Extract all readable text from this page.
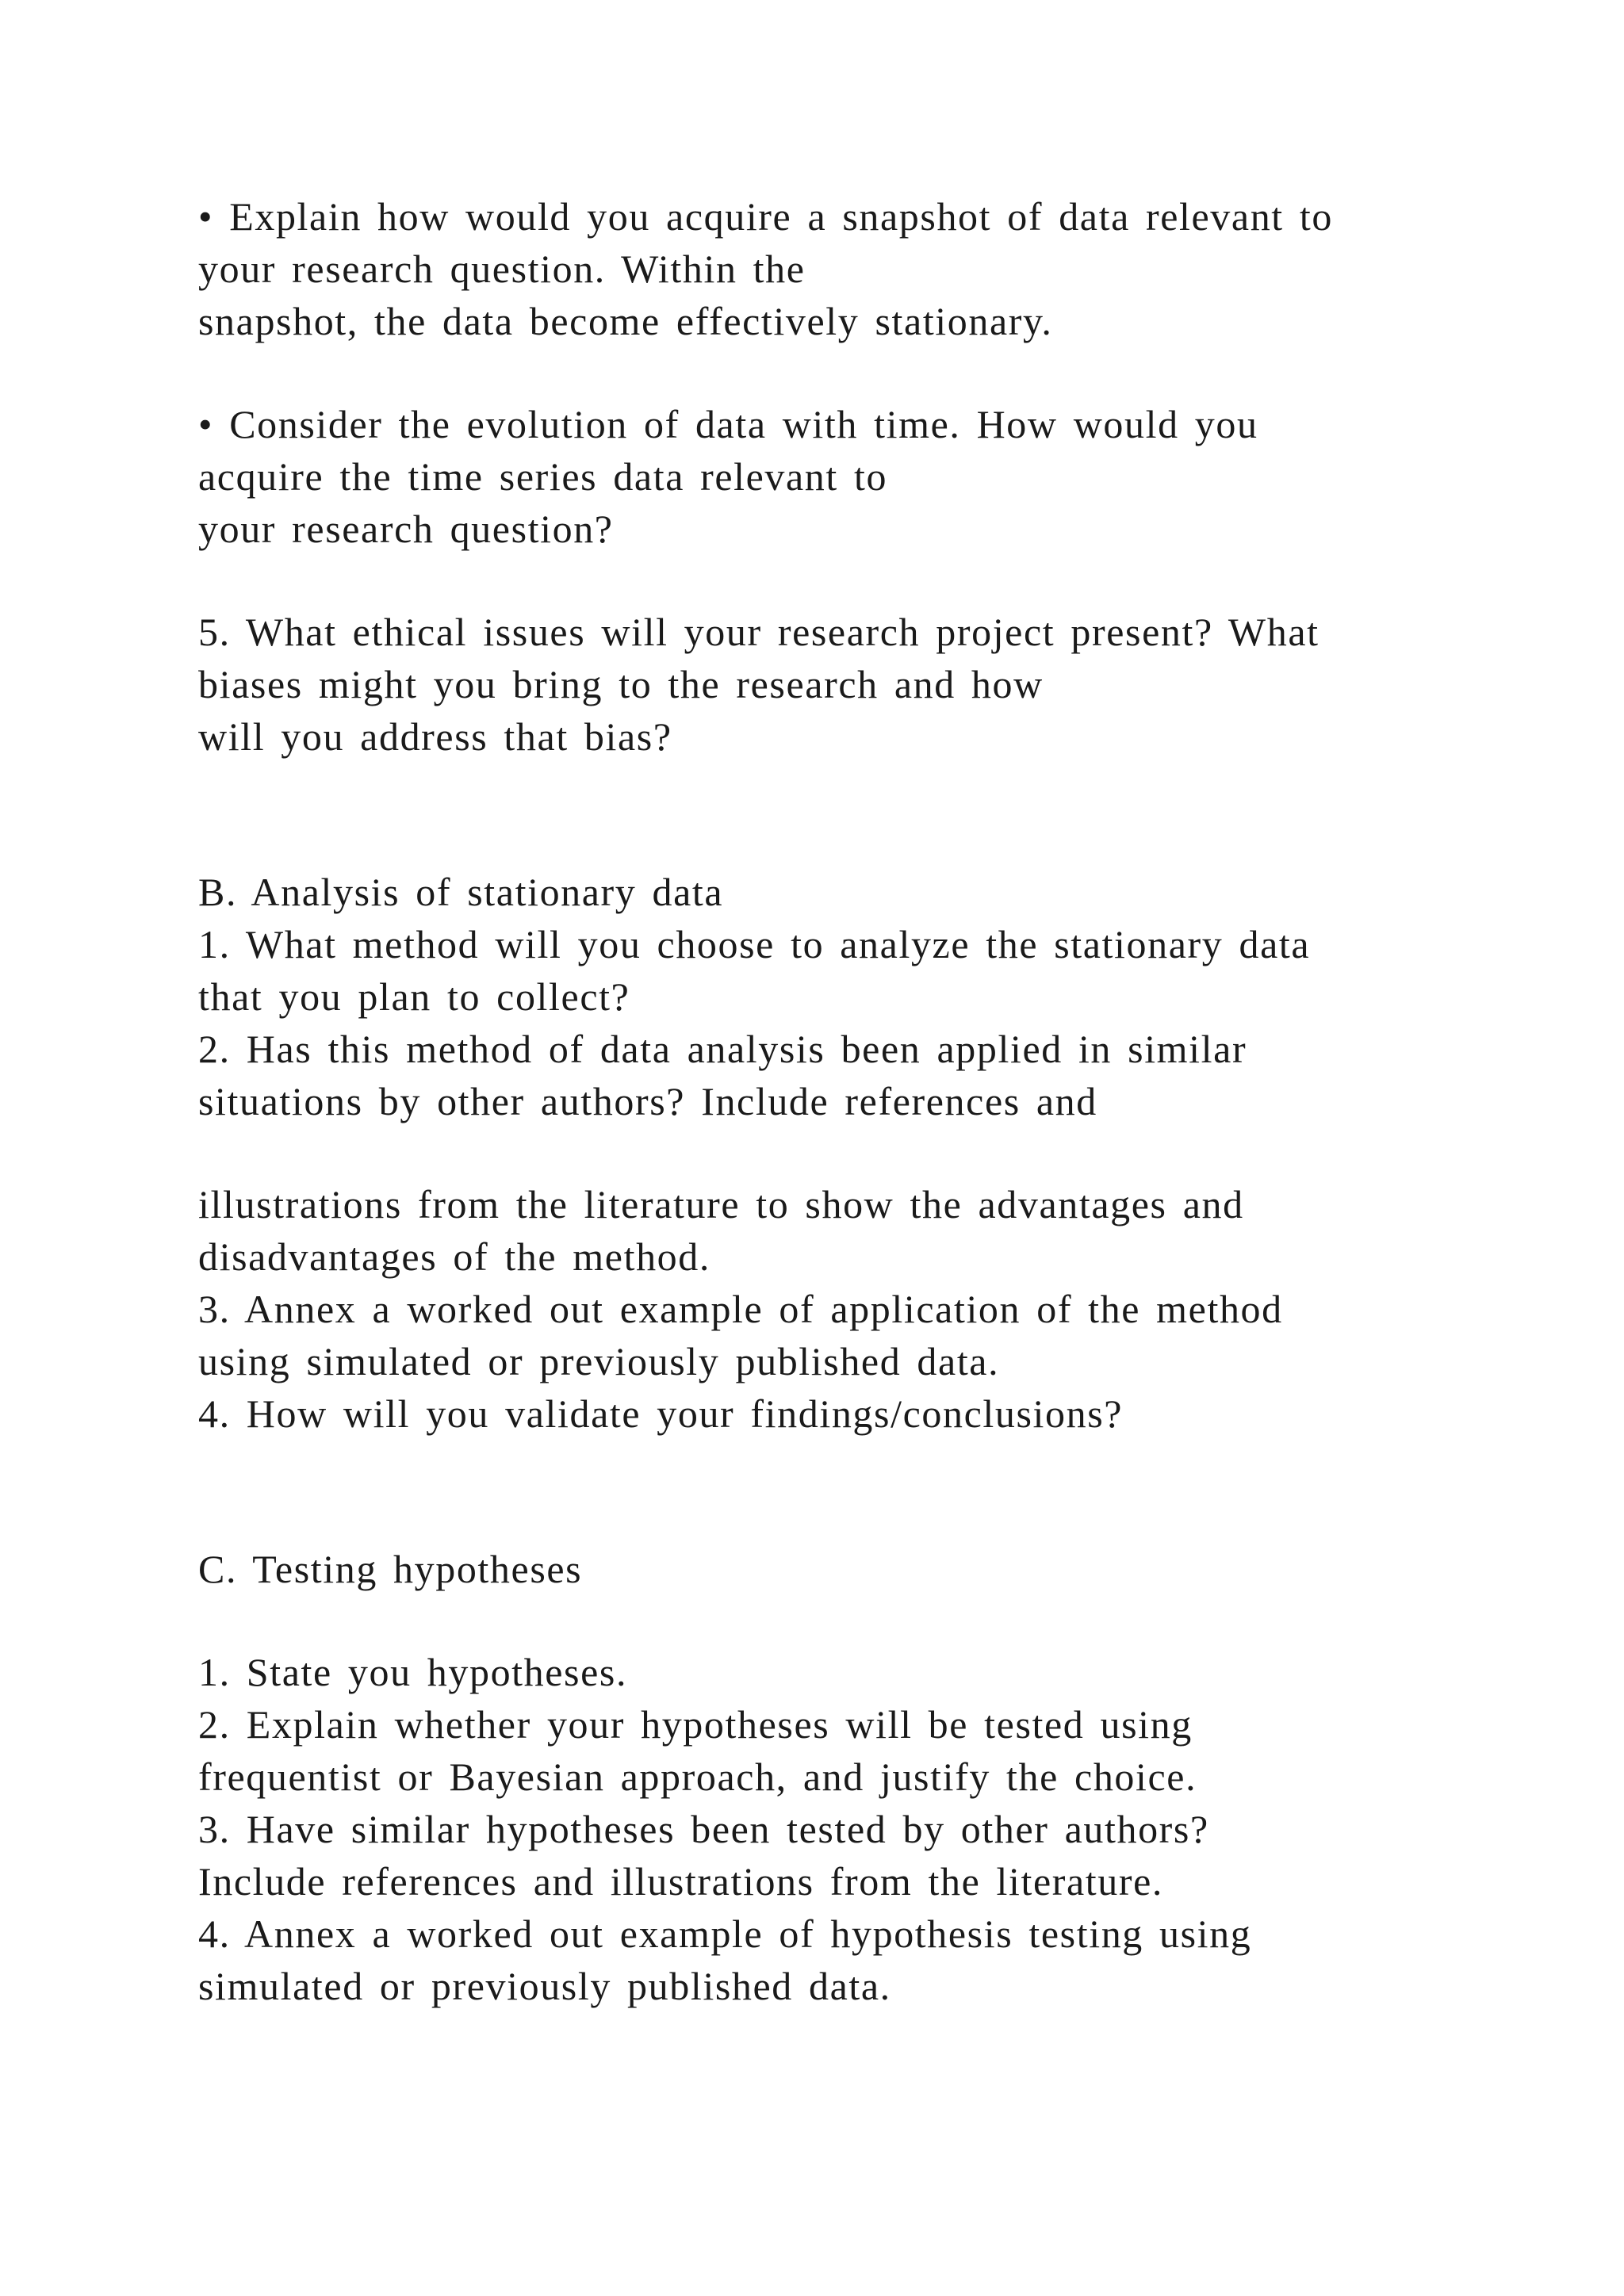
• Explain how would you acquire a snapshot of data relevant to
your research question. Within the
snapshot, the data become effectively stationary.
• Consider the evolution of data with time. How would you
acquire the time series data relevant to
your research question?
5. What ethical issues will your research project present? What
biases might you bring to the research and how
will you address that bias?
B. Analysis of stationary data
1. What method will you choose to analyze the stationary data
that you plan to collect?
2. Has this method of data analysis been applied in similar
situations by other authors? Include references and
illustrations from the literature to show the advantages and
disadvantages of the method.
3. Annex a worked out example of application of the method
using simulated or previously published data.
4. How will you validate your findings/conclusions?
C. Testing hypotheses
1. State you hypotheses.
2. Explain whether your hypotheses will be tested using
frequentist or Bayesian approach, and justify the choice.
3. Have similar hypotheses been tested by other authors?
Include references and illustrations from the literature.
4. Annex a worked out example of hypothesis testing using
simulated or previously published data.
